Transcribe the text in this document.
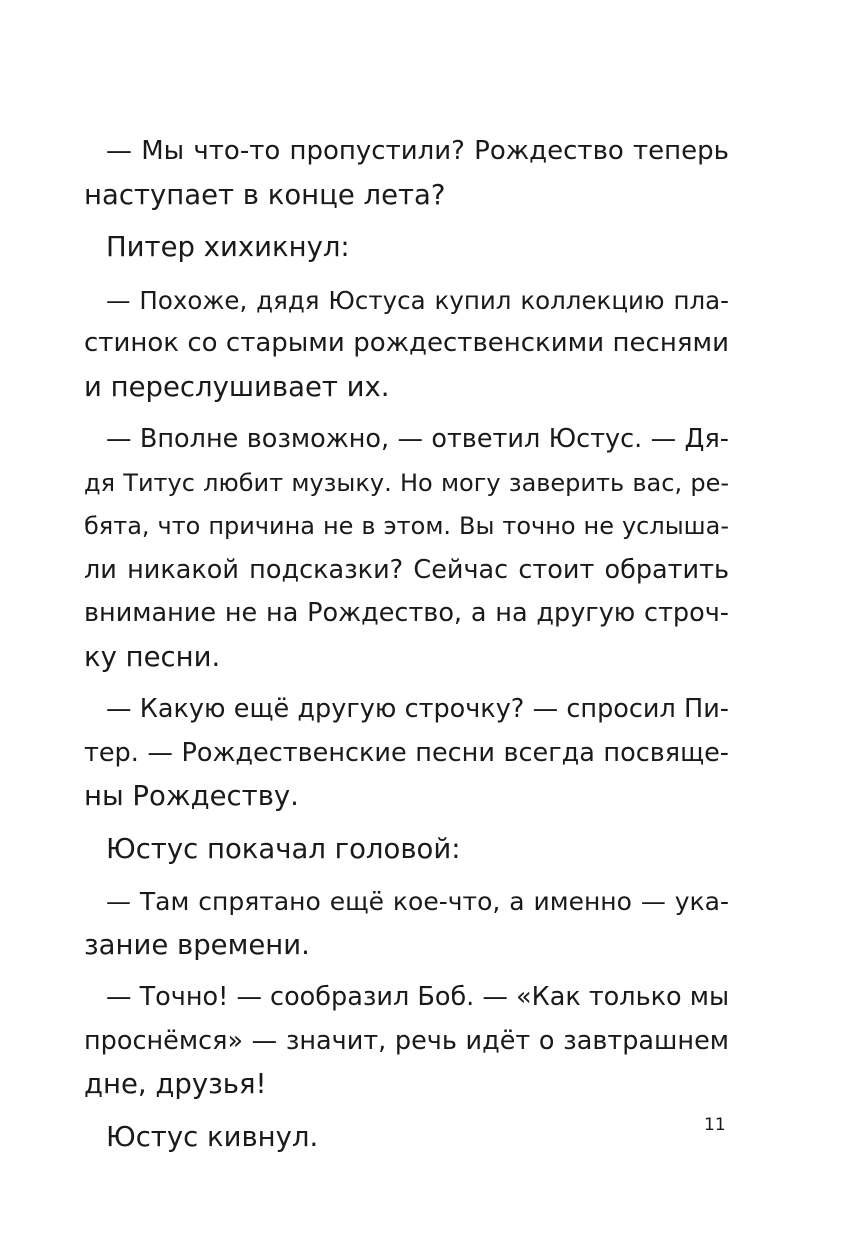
— Мы что-то пропустили? Рождество теперь
наступает в конце лета?
Питер хихикнул:
— Похоже, дядя Юстуса купил коллекцию пла-
стинок со старыми рождественскими песнями
и переслушивает их.
— Вполне возможно, — ответил Юстус. — Дя-
дя Титус любит музыку. Но могу заверить вас, ре-
бята, что причина не в этом. Вы точно не услыша-
ли никакой подсказки? Сейчас стоит обратить
внимание не на Рождество, а на другую строч-
ку песни.
— Какую ещё другую строчку? — спросил Пи-
тер. — Рождественские песни всегда посвяще-
ны Рождеству.
Юстус покачал головой:
— Там спрятано ещё кое-что, а именно — ука-
зание времени.
— Точно! — сообразил Боб. — «Как только мы
проснёмся» — значит, речь идёт о завтрашнем
дне, друзья!
Юстус кивнул.	11
